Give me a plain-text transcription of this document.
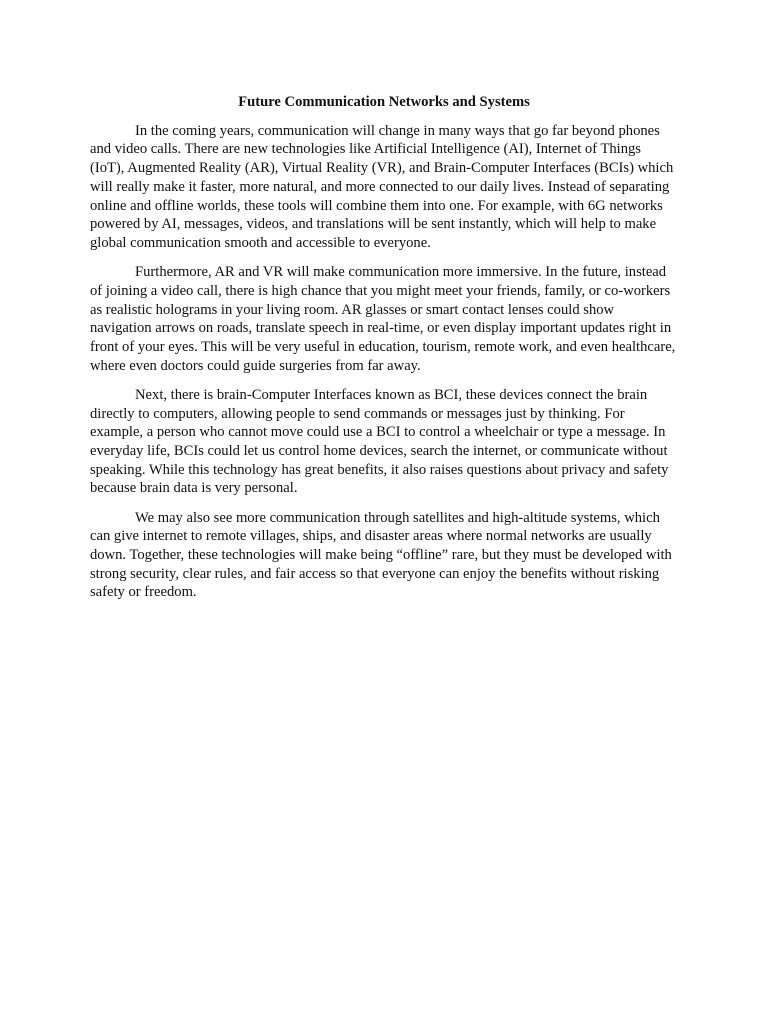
Future Communication Networks and Systems

In the coming years, communication will change in many ways that go far beyond phones and video calls. There are new technologies like Artificial Intelligence (AI), Internet of Things (IoT), Augmented Reality (AR), Virtual Reality (VR), and Brain-Computer Interfaces (BCIs) which will really make it faster, more natural, and more connected to our daily lives. Instead of separating online and offline worlds, these tools will combine them into one. For example, with 6G networks powered by AI, messages, videos, and translations will be sent instantly, which will help to make global communication smooth and accessible to everyone.

Furthermore, AR and VR will make communication more immersive. In the future, instead of joining a video call, there is high chance that you might meet your friends, family, or co-workers as realistic holograms in your living room. AR glasses or smart contact lenses could show navigation arrows on roads, translate speech in real-time, or even display important updates right in front of your eyes. This will be very useful in education, tourism, remote work, and even healthcare, where even doctors could guide surgeries from far away.

Next, there is brain-Computer Interfaces known as BCI, these devices connect the brain directly to computers, allowing people to send commands or messages just by thinking. For example, a person who cannot move could use a BCI to control a wheelchair or type a message. In everyday life, BCIs could let us control home devices, search the internet, or communicate without speaking. While this technology has great benefits, it also raises questions about privacy and safety because brain data is very personal.

We may also see more communication through satellites and high-altitude systems, which can give internet to remote villages, ships, and disaster areas where normal networks are usually down. Together, these technologies will make being “offline” rare, but they must be developed with strong security, clear rules, and fair access so that everyone can enjoy the benefits without risking safety or freedom.
